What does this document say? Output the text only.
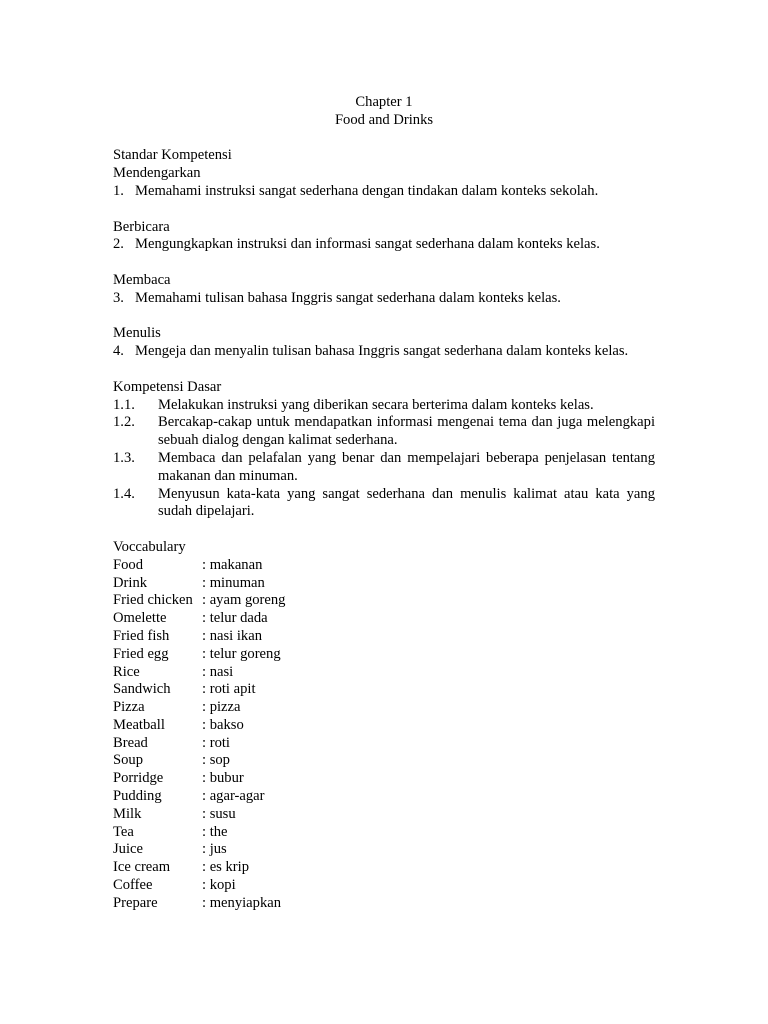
Chapter 1

Food and Drinks

Standar Kompetensi

Mendengarkan

1. Memahami instruksi sangat sederhana dengan tindakan dalam konteks sekolah.

Berbicara

2. Mengungkapkan instruksi dan informasi sangat sederhana dalam konteks kelas.

Membaca

3. Memahami tulisan bahasa Inggris sangat sederhana dalam konteks kelas.

Menulis

4. Mengeja dan menyalin tulisan bahasa Inggris sangat sederhana dalam konteks kelas.

Kompetensi Dasar

1.1.	Melakukan instruksi yang diberikan secara berterima dalam konteks kelas.
1.2.	Bercakap-cakap untuk mendapatkan informasi mengenai tema dan juga melengkapi sebuah dialog dengan kalimat sederhana.
1.3.	Membaca dan pelafalan yang benar dan mempelajari beberapa penjelasan tentang makanan dan minuman.
1.4.	Menyusun kata-kata yang sangat sederhana dan menulis kalimat atau kata yang sudah dipelajari.

Voccabulary

Food	: makanan
Drink	: minuman
Fried chicken : ayam goreng
Omelette	: telur dada
Fried fish	: nasi ikan
Fried egg	: telur goreng
Rice	: nasi
Sandwich	: roti apit
Pizza	: pizza
Meatball	: bakso
Bread	: roti
Soup	: sop
Porridge	: bubur
Pudding	: agar-agar
Milk	: susu
Tea	: the
Juice	: jus
Ice cream	: es krip
Coffee	: kopi
Prepare	: menyiapkan
